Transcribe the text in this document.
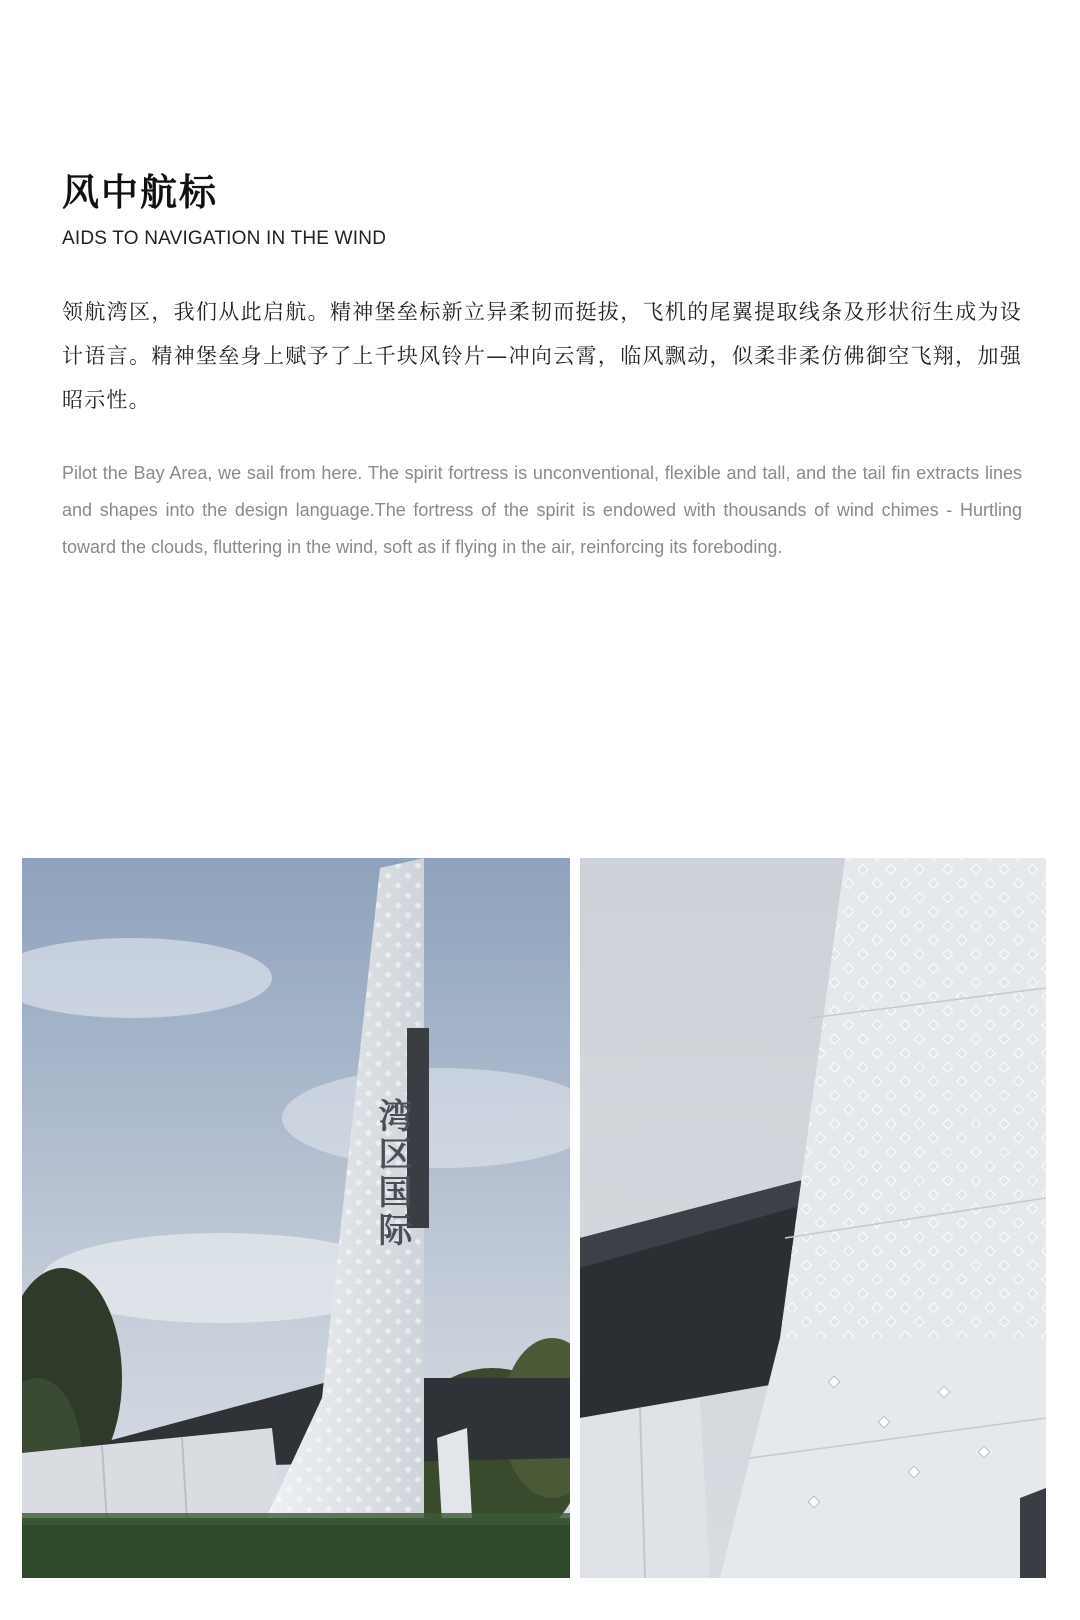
风中航标

AIDS TO NAVIGATION IN THE WIND

领航湾区，我们从此启航。精神堡垒标新立异柔韧而挺拔，飞机的尾翼提取线条及形状衍生成为设计语言。精神堡垒身上赋予了上千块风铃片—冲向云霄，临风飘动，似柔非柔仿佛御空飞翔，加强昭示性。

Pilot the Bay Area, we sail from here. The spirit fortress is unconventional, flexible and tall, and the tail fin extracts lines and shapes into the design language.The fortress of the spirit is endowed with thousands of wind chimes - Hurtling toward the clouds, fluttering in the wind, soft as if flying in the air, reinforcing its foreboding.

湾区国际
